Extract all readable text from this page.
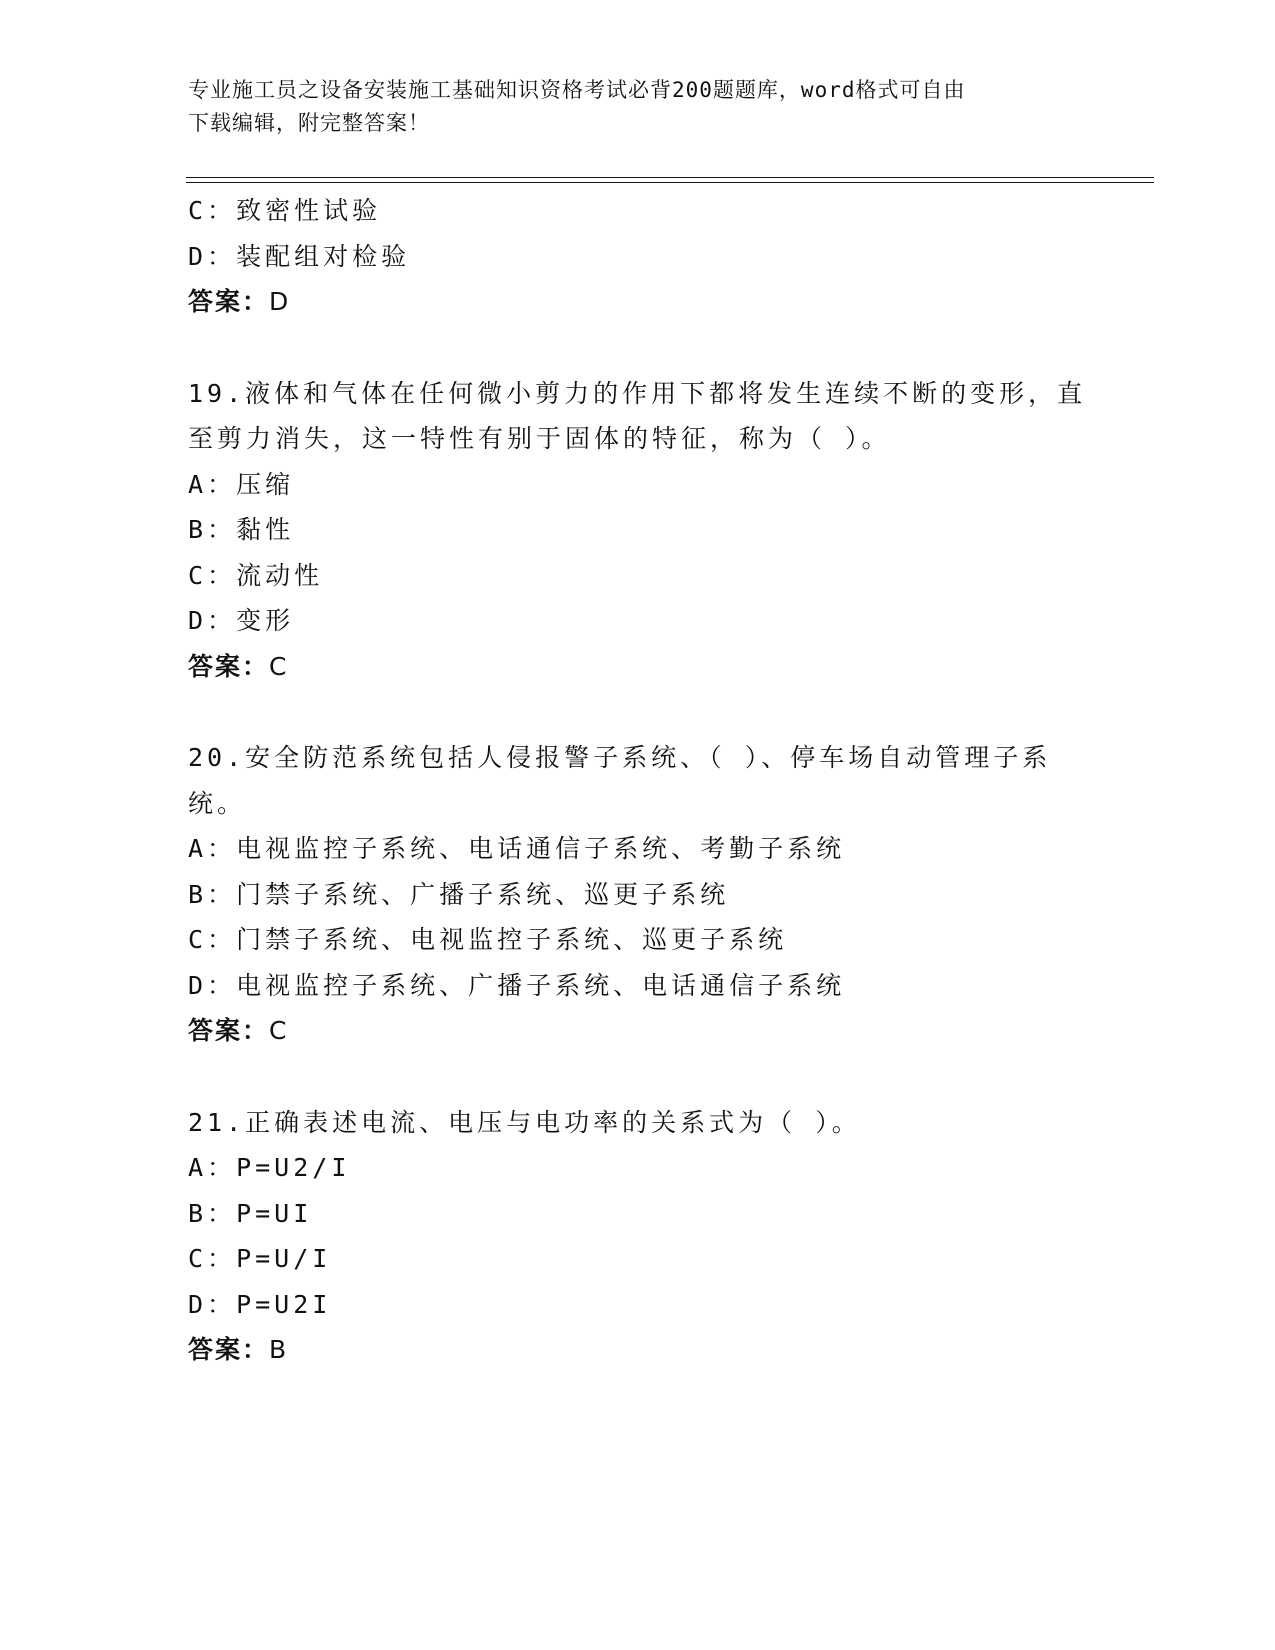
专业施工员之设备安装施工基础知识资格考试必背200题题库，word格式可自由
下载编辑，附完整答案！
C：致密性试验
D：装配组对检验
答案：D
19.液体和气体在任何微小剪力的作用下都将发生连续不断的变形，直
至剪力消失，这一特性有别于固体的特征，称为（ ）。
A：压缩
B：黏性
C：流动性
D：变形
答案：C
20.安全防范系统包括人侵报警子系统、（ ）、停车场自动管理子系
统。
A：电视监控子系统、电话通信子系统、考勤子系统
B：门禁子系统、广播子系统、巡更子系统
C：门禁子系统、电视监控子系统、巡更子系统
D：电视监控子系统、广播子系统、电话通信子系统
答案：C
21.正确表述电流、电压与电功率的关系式为（ ）。
A：P=U2/I
B：P=UI
C：P=U/I
D：P=U2I
答案：B
